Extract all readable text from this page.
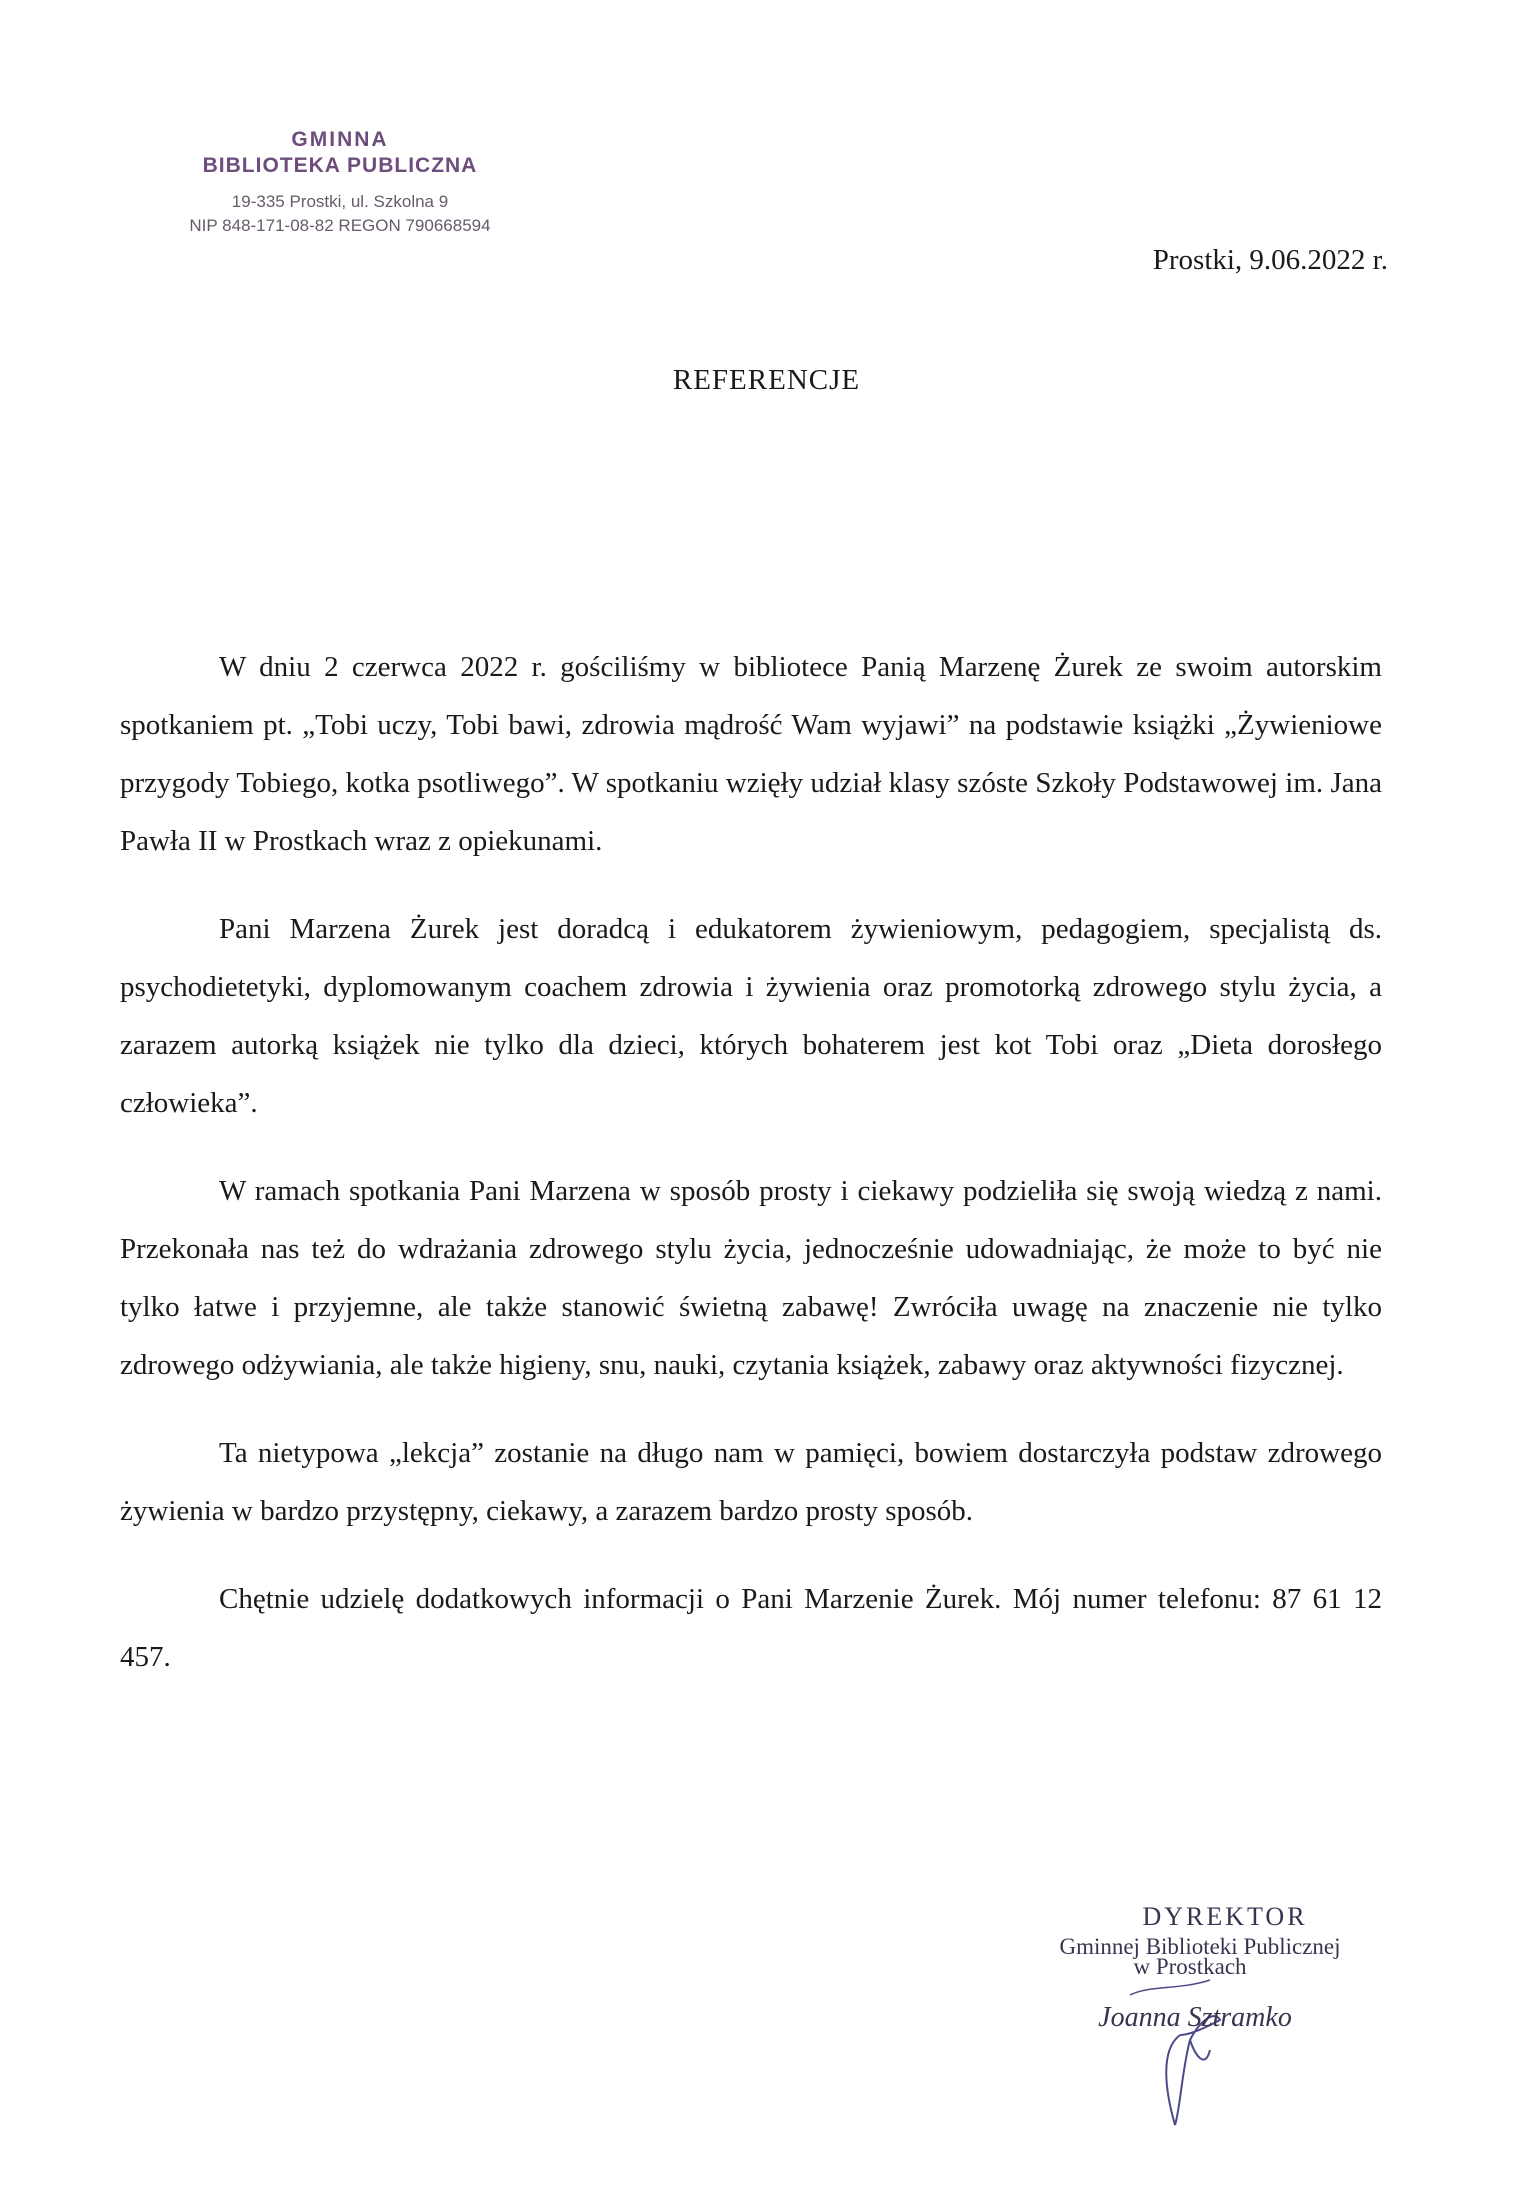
GMINNA
BIBLIOTEKA PUBLICZNA
19-335 Prostki, ul. Szkolna 9
NIP 848-171-08-82 REGON 790668594
Prostki, 9.06.2022 r.
REFERENCJE

W dniu 2 czerwca 2022 r. gościliśmy w bibliotece Panią Marzenę Żurek ze swoim autorskim spotkaniem pt. „Tobi uczy, Tobi bawi, zdrowia mądrość Wam wyjawi” na podstawie książki „Żywieniowe przygody Tobiego, kotka psotliwego”. W spotkaniu wzięły udział klasy szóste Szkoły Podstawowej im. Jana Pawła II w Prostkach wraz z opiekunami.

Pani Marzena Żurek jest doradcą i edukatorem żywieniowym, pedagogiem, specjalistą ds. psychodietetyki, dyplomowanym coachem zdrowia i żywienia oraz promotorką zdrowego stylu życia, a zarazem autorką książek nie tylko dla dzieci, których bohaterem jest kot Tobi oraz „Dieta dorosłego człowieka”.

W ramach spotkania Pani Marzena w sposób prosty i ciekawy podzieliła się swoją wiedzą z nami. Przekonała nas też do wdrażania zdrowego stylu życia, jednocześnie udowadniając, że może to być nie tylko łatwe i przyjemne, ale także stanowić świetną zabawę! Zwróciła uwagę na znaczenie nie tylko zdrowego odżywiania, ale także higieny, snu, nauki, czytania książek, zabawy oraz aktywności fizycznej.

Ta nietypowa „lekcja” zostanie na długo nam w pamięci, bowiem dostarczyła podstaw zdrowego żywienia w bardzo przystępny, ciekawy, a zarazem bardzo prosty sposób.

Chętnie udzielę dodatkowych informacji o Pani Marzenie Żurek. Mój numer telefonu: 87 61 12 457.

DYREKTOR
Gminnej Biblioteki Publicznej
w Prostkach
Joanna Sztramko
